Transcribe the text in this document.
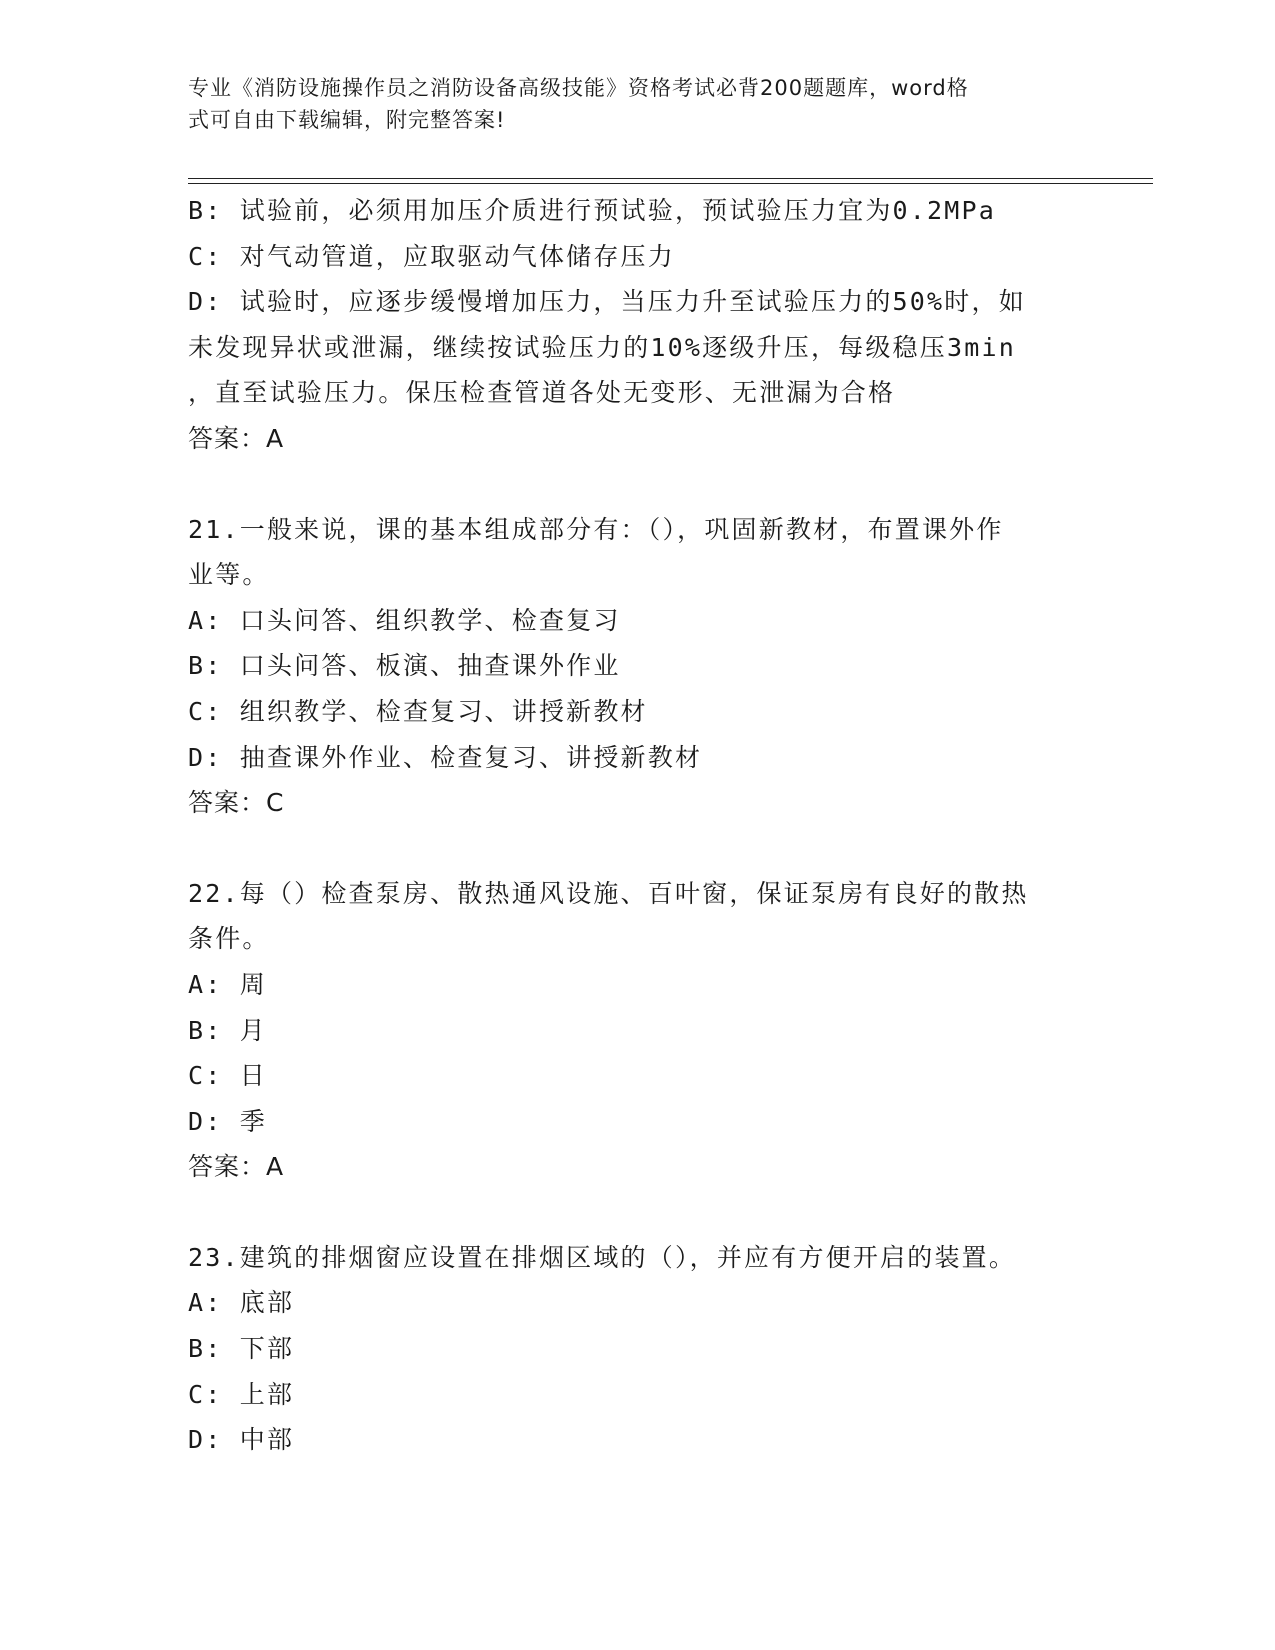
专业《消防设施操作员之消防设备高级技能》资格考试必背200题题库，word格
式可自由下载编辑，附完整答案!
B: 试验前，必须用加压介质进行预试验，预试验压力宜为0.2MPa
C: 对气动管道，应取驱动气体储存压力
D: 试验时，应逐步缓慢增加压力，当压力升至试验压力的50%时，如
未发现异状或泄漏，继续按试验压力的10%逐级升压，每级稳压3min
，直至试验压力。保压检查管道各处无变形、无泄漏为合格
答案：A
21.一般来说，课的基本组成部分有：（），巩固新教材，布置课外作
业等。
A: 口头问答、组织教学、检查复习
B: 口头问答、板演、抽查课外作业
C: 组织教学、检查复习、讲授新教材
D: 抽查课外作业、检查复习、讲授新教材
答案：C
22.每（）检查泵房、散热通风设施、百叶窗，保证泵房有良好的散热
条件。
A: 周
B: 月
C: 日
D: 季
答案：A
23.建筑的排烟窗应设置在排烟区域的（），并应有方便开启的装置。
A: 底部
B: 下部
C: 上部
D: 中部
